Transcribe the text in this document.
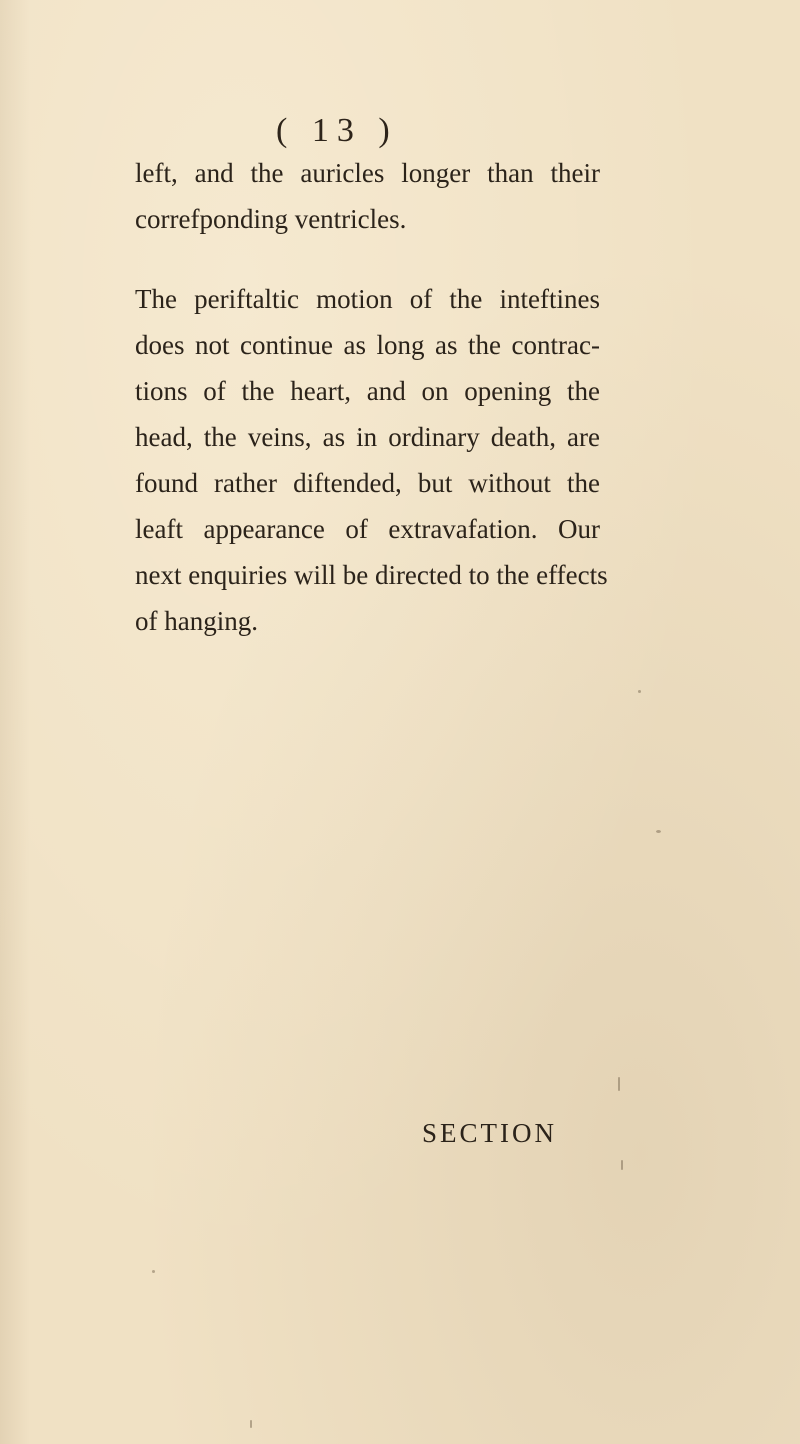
( 13 )
left, and the auricles longer than their
correfponding ventricles.
The periftaltic motion of the inteftines
does not continue as long as the contrac-
tions of the heart, and on opening the
head, the veins, as in ordinary death, are
found rather diftended, but without the
leaft appearance of extravafation. Our
next enquiries will be directed to the effects
of hanging.
SECTION
